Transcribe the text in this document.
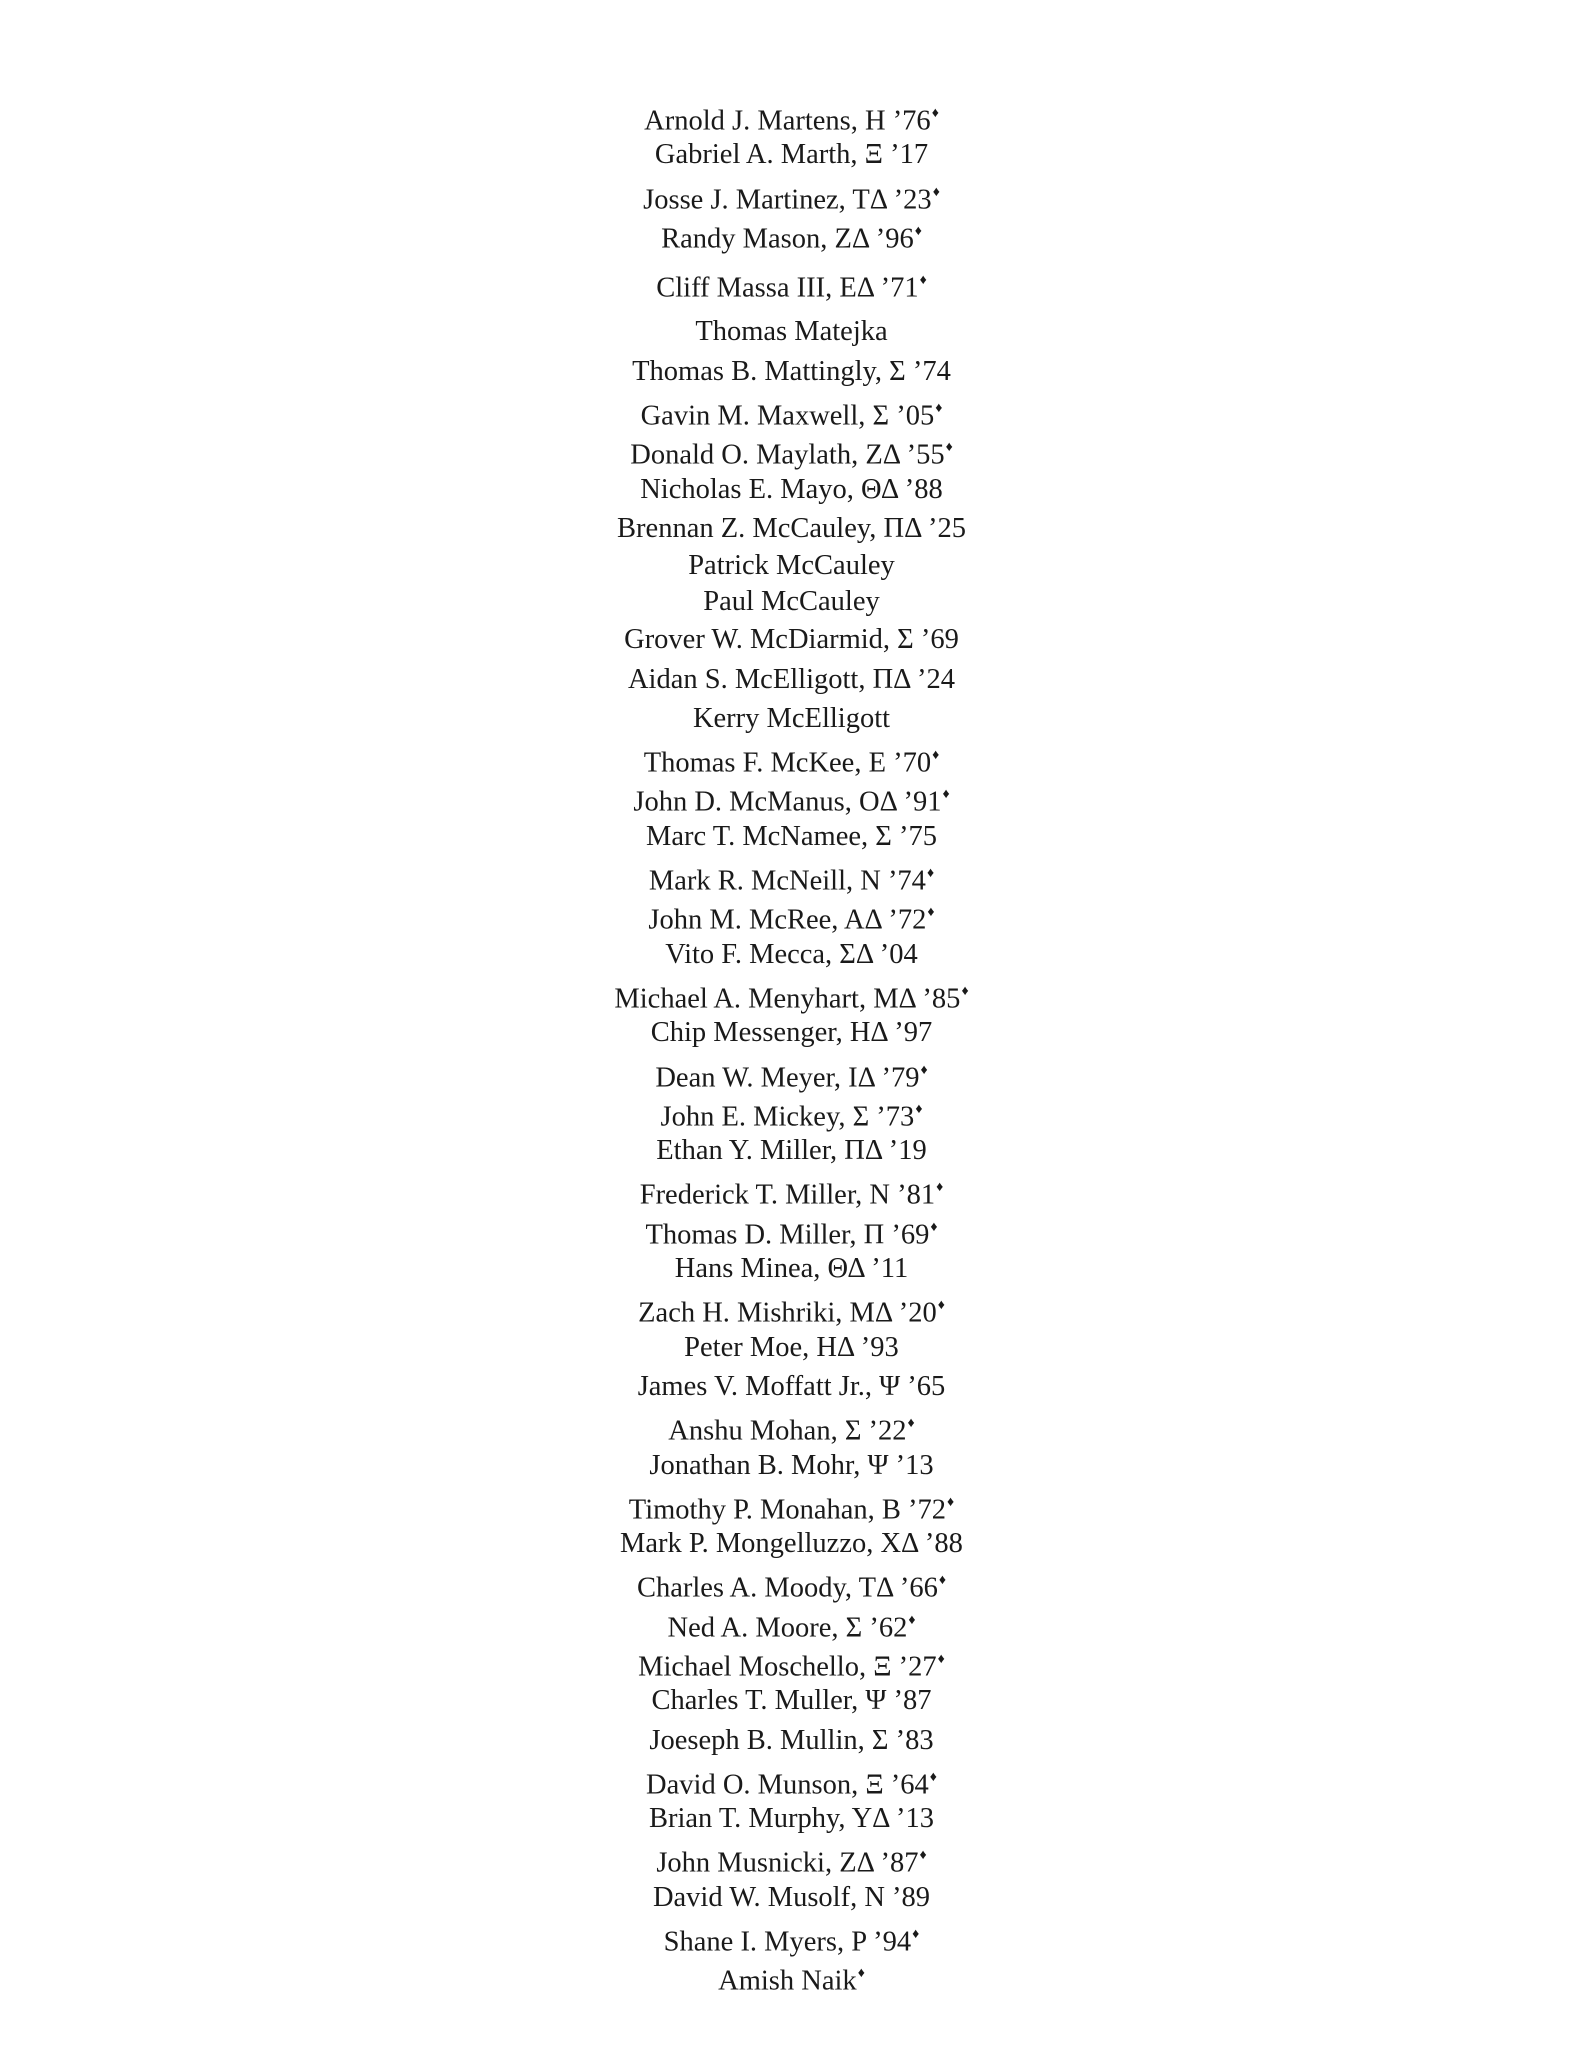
Arnold J. Martens, H ’76♦
Gabriel A. Marth, Ξ ’17
Josse J. Martinez, TΔ ’23♦
Randy Mason, ZΔ ’96♦
Cliff Massa III, EΔ ’71♦
Thomas Matejka
Thomas B. Mattingly, Σ ’74
Gavin M. Maxwell, Σ ’05♦
Donald O. Maylath, ZΔ ’55♦
Nicholas E. Mayo, ΘΔ ’88
Brennan Z. McCauley, ΠΔ ’25
Patrick McCauley
Paul McCauley
Grover W. McDiarmid, Σ ’69
Aidan S. McElligott, ΠΔ ’24
Kerry McElligott
Thomas F. McKee, E ’70♦
John D. McManus, OΔ ’91♦
Marc T. McNamee, Σ ’75
Mark R. McNeill, N ’74♦
John M. McRee, AΔ ’72♦
Vito F. Mecca, ΣΔ ’04
Michael A. Menyhart, MΔ ’85♦
Chip Messenger, HΔ ’97
Dean W. Meyer, IΔ ’79♦
John E. Mickey, Σ ’73♦
Ethan Y. Miller, ΠΔ ’19
Frederick T. Miller, N ’81♦
Thomas D. Miller, Π ’69♦
Hans Minea, ΘΔ ’11
Zach H. Mishriki, MΔ ’20♦
Peter Moe, HΔ ’93
James V. Moffatt Jr., Ψ ’65
Anshu Mohan, Σ ’22♦
Jonathan B. Mohr, Ψ ’13
Timothy P. Monahan, B ’72♦
Mark P. Mongelluzzo, XΔ ’88
Charles A. Moody, TΔ ’66♦
Ned A. Moore, Σ ’62♦
Michael Moschello, Ξ ’27♦
Charles T. Muller, Ψ ’87
Joeseph B. Mullin, Σ ’83
David O. Munson, Ξ ’64♦
Brian T. Murphy, YΔ ’13
John Musnicki, ZΔ ’87♦
David W. Musolf, N ’89
Shane I. Myers, P ’94♦
Amish Naik♦
